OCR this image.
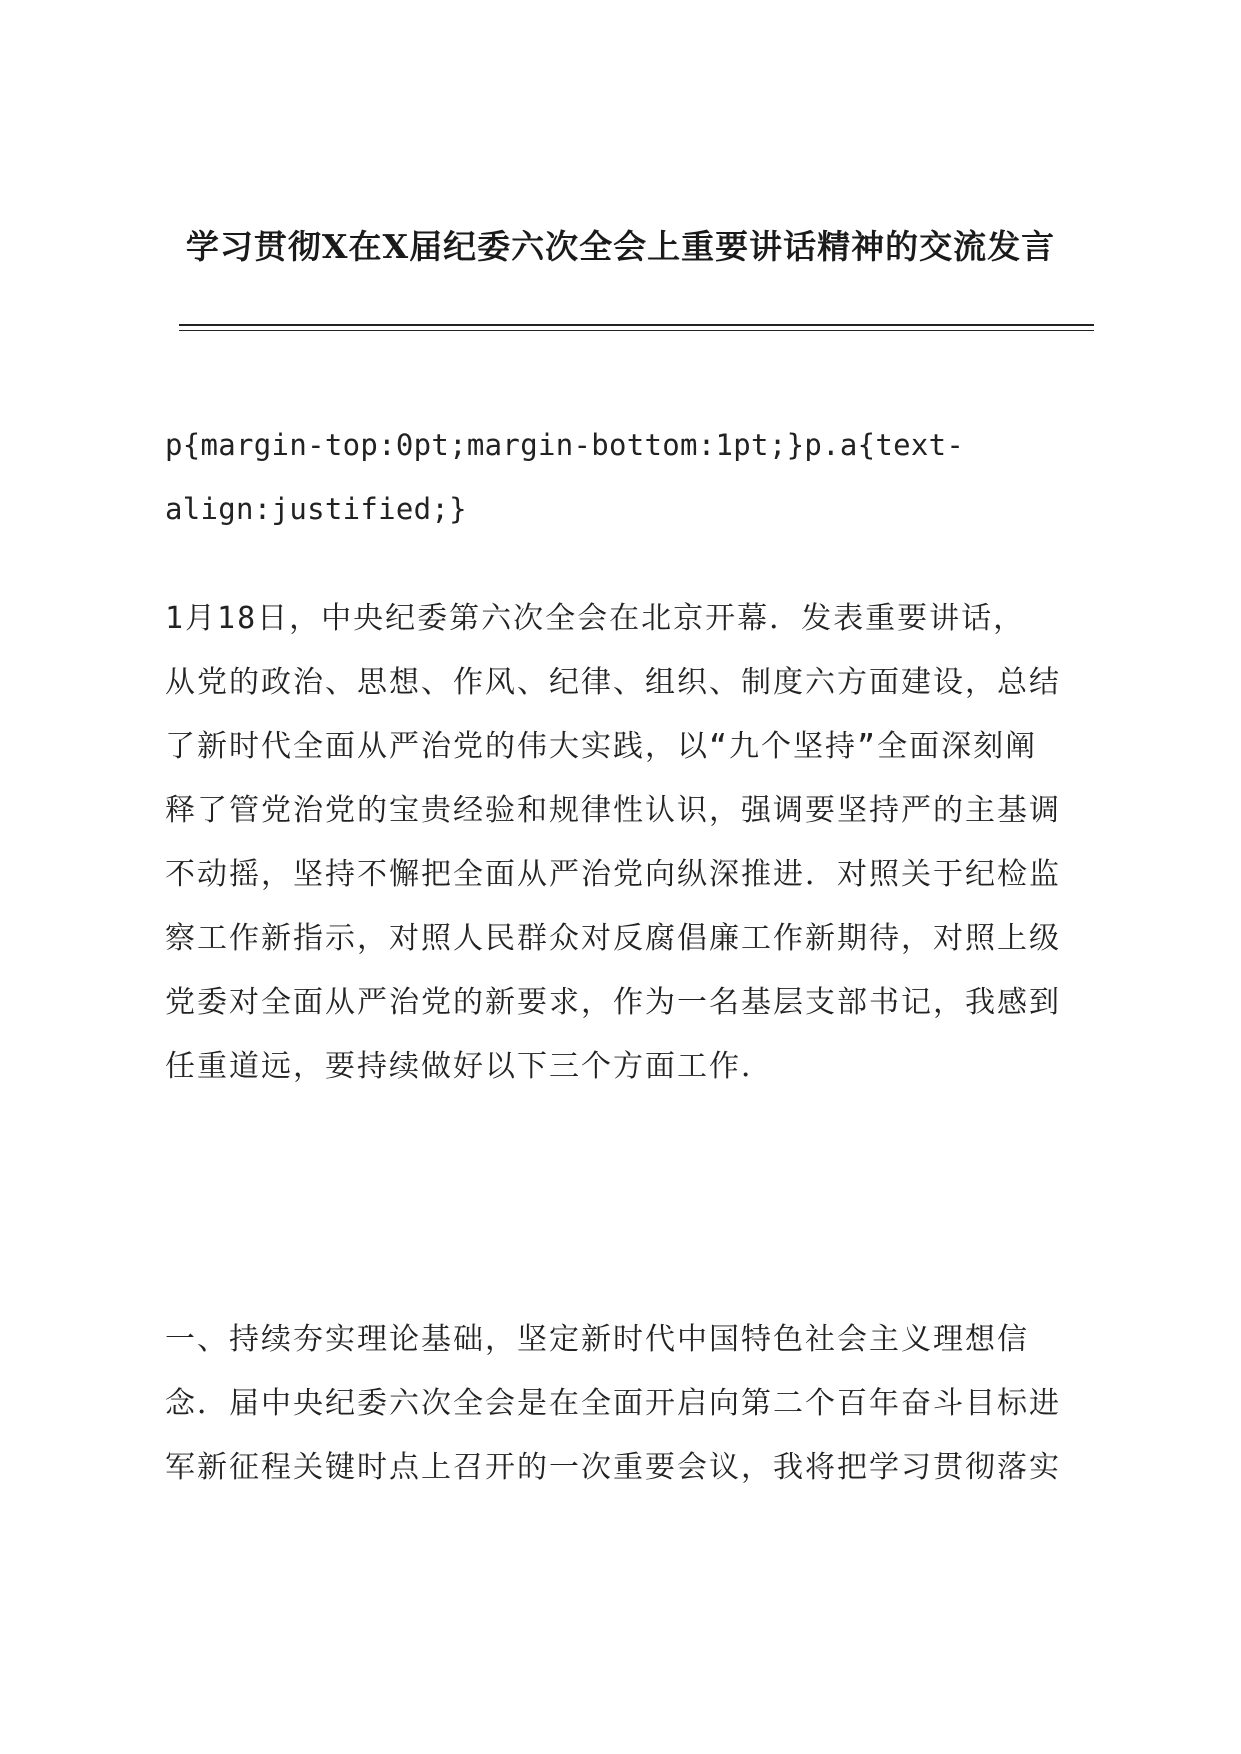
学习贯彻X在X届纪委六次全会上重要讲话精神的交流发言

p{margin-top:0pt;margin-bottom:1pt;}p.a{text-
align:justified;}

1月18日，中央纪委第六次全会在北京开幕．发表重要讲话，
从党的政治、思想、作风、纪律、组织、制度六方面建设，总结
了新时代全面从严治党的伟大实践，以“九个坚持”全面深刻阐
释了管党治党的宝贵经验和规律性认识，强调要坚持严的主基调
不动摇，坚持不懈把全面从严治党向纵深推进．对照关于纪检监
察工作新指示，对照人民群众对反腐倡廉工作新期待，对照上级
党委对全面从严治党的新要求，作为一名基层支部书记，我感到
任重道远，要持续做好以下三个方面工作．

一、持续夯实理论基础，坚定新时代中国特色社会主义理想信
念．届中央纪委六次全会是在全面开启向第二个百年奋斗目标进
军新征程关键时点上召开的一次重要会议，我将把学习贯彻落实
